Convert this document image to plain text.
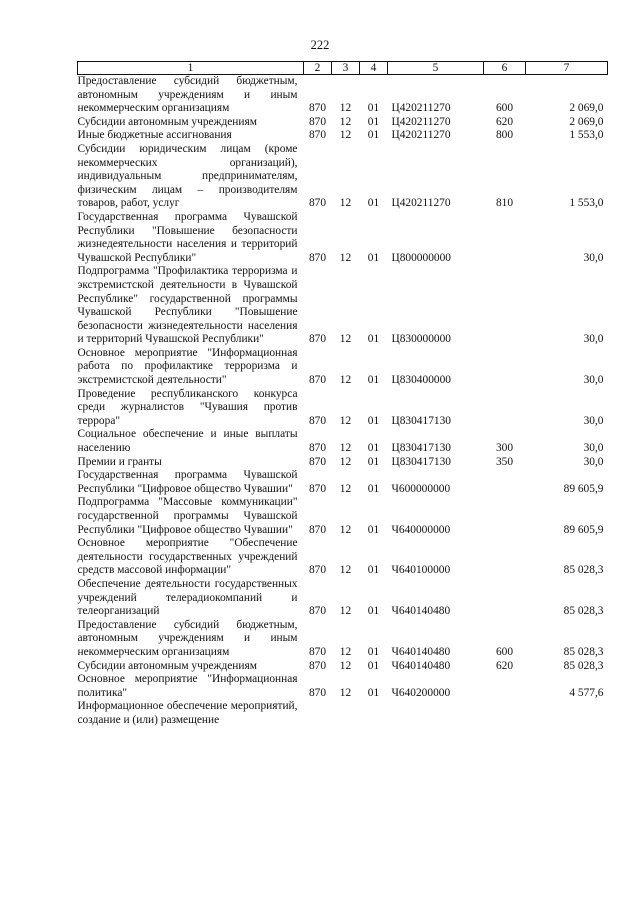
222
1	2	3	4	5	6	7
Предоставление субсидий бюджетным, автономным учреждениям и иным некоммерческим организациям	870	12	01	Ц420211270	600	2 069,0
Субсидии автономным учреждениям	870	12	01	Ц420211270	620	2 069,0
Иные бюджетные ассигнования	870	12	01	Ц420211270	800	1 553,0
Субсидии юридическим лицам (кроме некоммерческих организаций), индивидуальным предпринимателям, физическим лицам – производителям товаров, работ, услуг	870	12	01	Ц420211270	810	1 553,0
Государственная программа Чувашской Республики "Повышение безопасности жизнедеятельности населения и территорий Чувашской Республики"	870	12	01	Ц800000000		30,0
Подпрограмма "Профилактика терроризма и экстремистской деятельности в Чувашской Республике" государственной программы Чувашской Республики "Повышение безопасности жизнедеятельности населения и территорий Чувашской Республики"	870	12	01	Ц830000000		30,0
Основное мероприятие "Информационная работа по профилактике терроризма и экстремистской деятельности"	870	12	01	Ц830400000		30,0
Проведение республиканского конкурса среди журналистов "Чувашия против террора"	870	12	01	Ц830417130		30,0
Социальное обеспечение и иные выплаты населению	870	12	01	Ц830417130	300	30,0
Премии и гранты	870	12	01	Ц830417130	350	30,0
Государственная программа Чувашской Республики "Цифровое общество Чувашии"	870	12	01	Ч600000000		89 605,9
Подпрограмма "Массовые коммуникации" государственной программы Чувашской Республики "Цифровое общество Чувашии"	870	12	01	Ч640000000		89 605,9
Основное мероприятие "Обеспечение деятельности государственных учреждений средств массовой информации"	870	12	01	Ч640100000		85 028,3
Обеспечение деятельности государственных учреждений телерадиокомпаний и телеорганизаций	870	12	01	Ч640140480		85 028,3
Предоставление субсидий бюджетным, автономным учреждениям и иным некоммерческим организациям	870	12	01	Ч640140480	600	85 028,3
Субсидии автономным учреждениям	870	12	01	Ч640140480	620	85 028,3
Основное мероприятие "Информационная политика"	870	12	01	Ч640200000		4 577,6
Информационное обеспечение мероприятий, создание и (или) размещение						
